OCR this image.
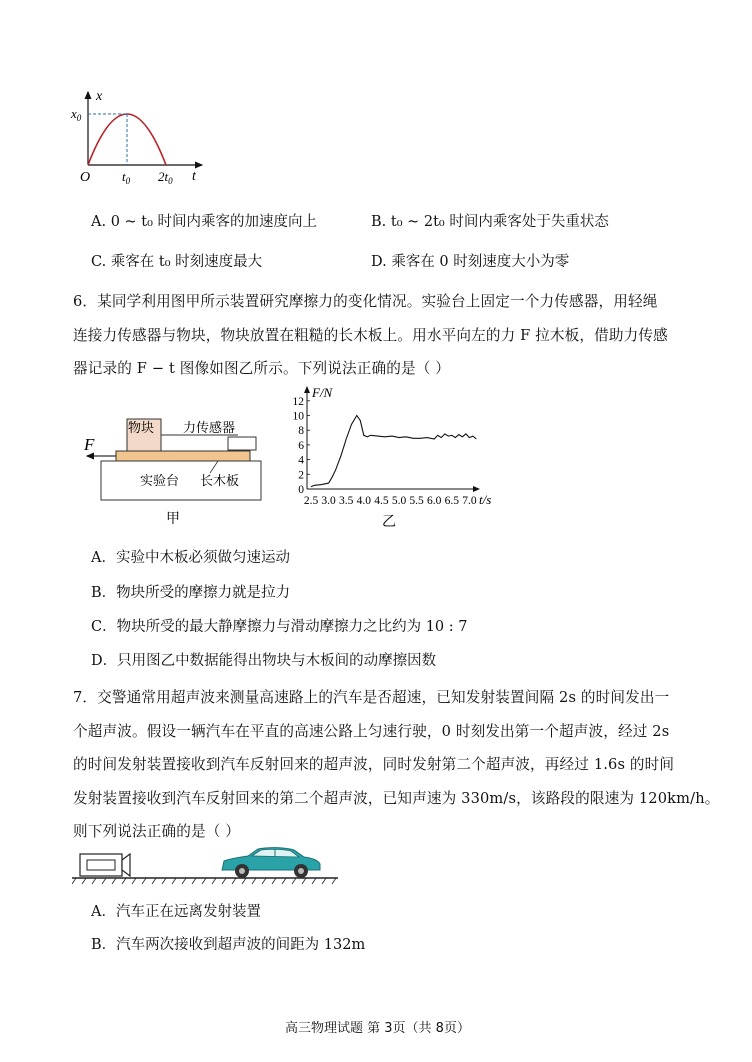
x
t
O
$x_0$
$t_0$ $2t_0$
A. 0 ~ t₀ 时间内乘客的加速度向上	B. t₀ ~ 2t₀ 时间内乘客处于失重状态
C. 乘客在 t₀ 时刻速度最大	D. 乘客在 0 时刻速度大小为零
6．某同学利用图甲所示装置研究摩擦力的变化情况。实验台上固定一个力传感器，用轻绳
连接力传感器与物块，物块放置在粗糙的长木板上。用水平向左的力 F 拉木板，借助力传感
器记录的 F − t 图像如图乙所示。下列说法正确的是（ ）
物块 力传感器
F
实验台 长木板
甲
0
2
4
6
8
10
12
2.5 3.0 3.5 4.0 4.5 5.0 5.5 6.0 6.5 7.0
F/N
t/s
乙
A．实验中木板必须做匀速运动
B．物块所受的摩擦力就是拉力
C．物块所受的最大静摩擦力与滑动摩擦力之比约为 10 : 7
D．只用图乙中数据能得出物块与木板间的动摩擦因数
7．交警通常用超声波来测量高速路上的汽车是否超速，已知发射装置间隔 2s 的时间发出一
个超声波。假设一辆汽车在平直的高速公路上匀速行驶，0 时刻发出第一个超声波，经过 2s
的时间发射装置接收到汽车反射回来的超声波，同时发射第二个超声波，再经过 1.6s 的时间
发射装置接收到汽车反射回来的第二个超声波，已知声速为 330m/s，该路段的限速为 120km/h。
则下列说法正确的是（ ）
A．汽车正在远离发射装置
B．汽车两次接收到超声波的间距为 132m
高三物理试题 第 3页（共 8页）
